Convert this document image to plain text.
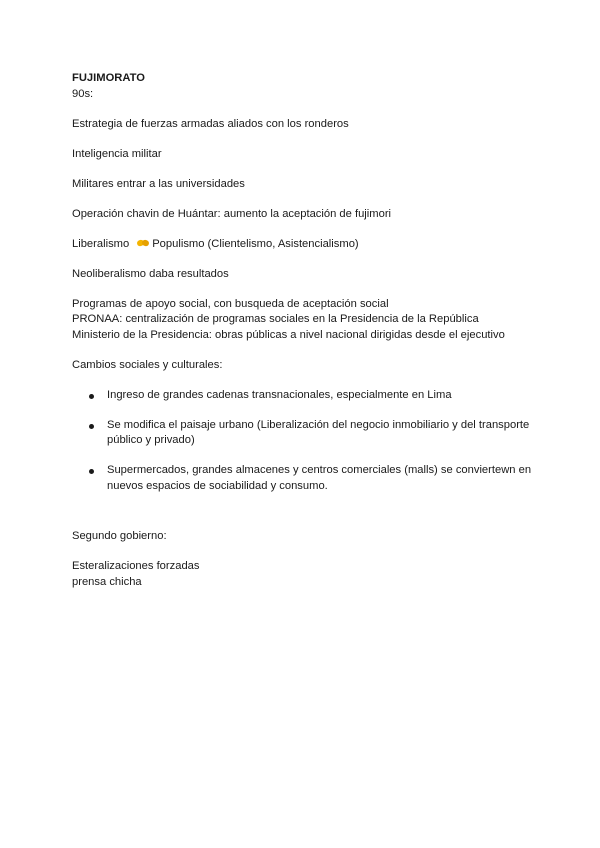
FUJIMORATO

90s:

Estrategia de fuerzas armadas aliados con los ronderos

Inteligencia militar

Militares entrar a las universidades

Operación chavin de Huántar: aumento la aceptación de fujimori

Liberalismo Populismo (Clientelismo, Asistencialismo)

Neoliberalismo daba resultados

Programas de apoyo social, con busqueda de aceptación social

PRONAA: centralización de programas sociales en la Presidencia de la República

Ministerio de la Presidencia: obras públicas a nivel nacional dirigidas desde el ejecutivo

Cambios sociales y culturales:

Ingreso de grandes cadenas transnacionales, especialmente en Lima
Se modifica el paisaje urbano (Liberalización del negocio inmobiliario y del transporte público y privado)
Supermercados, grandes almacenes y centros comerciales (malls) se conviertewn en nuevos espacios de sociabilidad y consumo.

Segundo gobierno:

Esteralizaciones forzadas

prensa chicha
